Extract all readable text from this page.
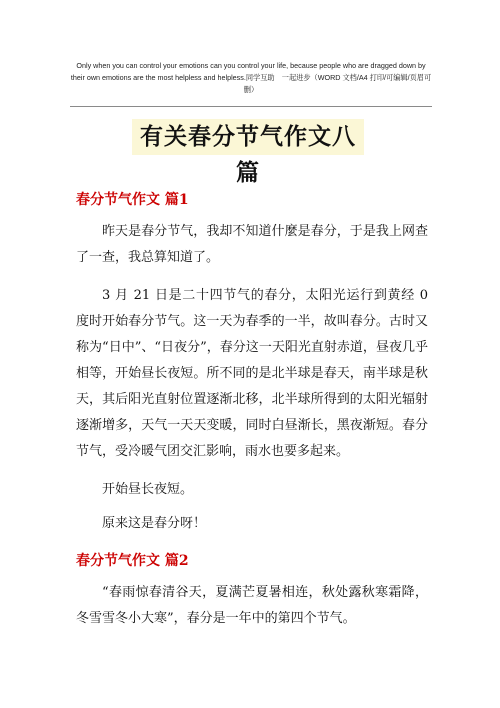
Only when you can control your emotions can you control your life, because people who are dragged down by their own emotions are the most helpless and helpless.同学互助　一起进步（WORD 文档/A4 打印/可编辑/页眉可删）
有关春分节气作文八篇
春分节气作文 篇1

昨天是春分节气，我却不知道什麼是春分，于是我上网查了一查，我总算知道了。

3 月 21 日是二十四节气的春分，太阳光运行到黄经 0 度时开始春分节气。这一天为春季的一半，故叫春分。古时又称为“日中”、“日夜分”，春分这一天阳光直射赤道，昼夜几乎相等，开始昼长夜短。所不同的是北半球是春天，南半球是秋天，其后阳光直射位置逐渐北移，北半球所得到的太阳光辐射逐渐增多，天气一天天变暖，同时白昼渐长，黑夜渐短。春分节气，受冷暖气团交汇影响，雨水也要多起来。

开始昼长夜短。

原来这是春分呀！

春分节气作文 篇2

“春雨惊春清谷天，夏满芒夏暑相连，秋处露秋寒霜降，冬雪雪冬小大寒”，春分是一年中的第四个节气。
